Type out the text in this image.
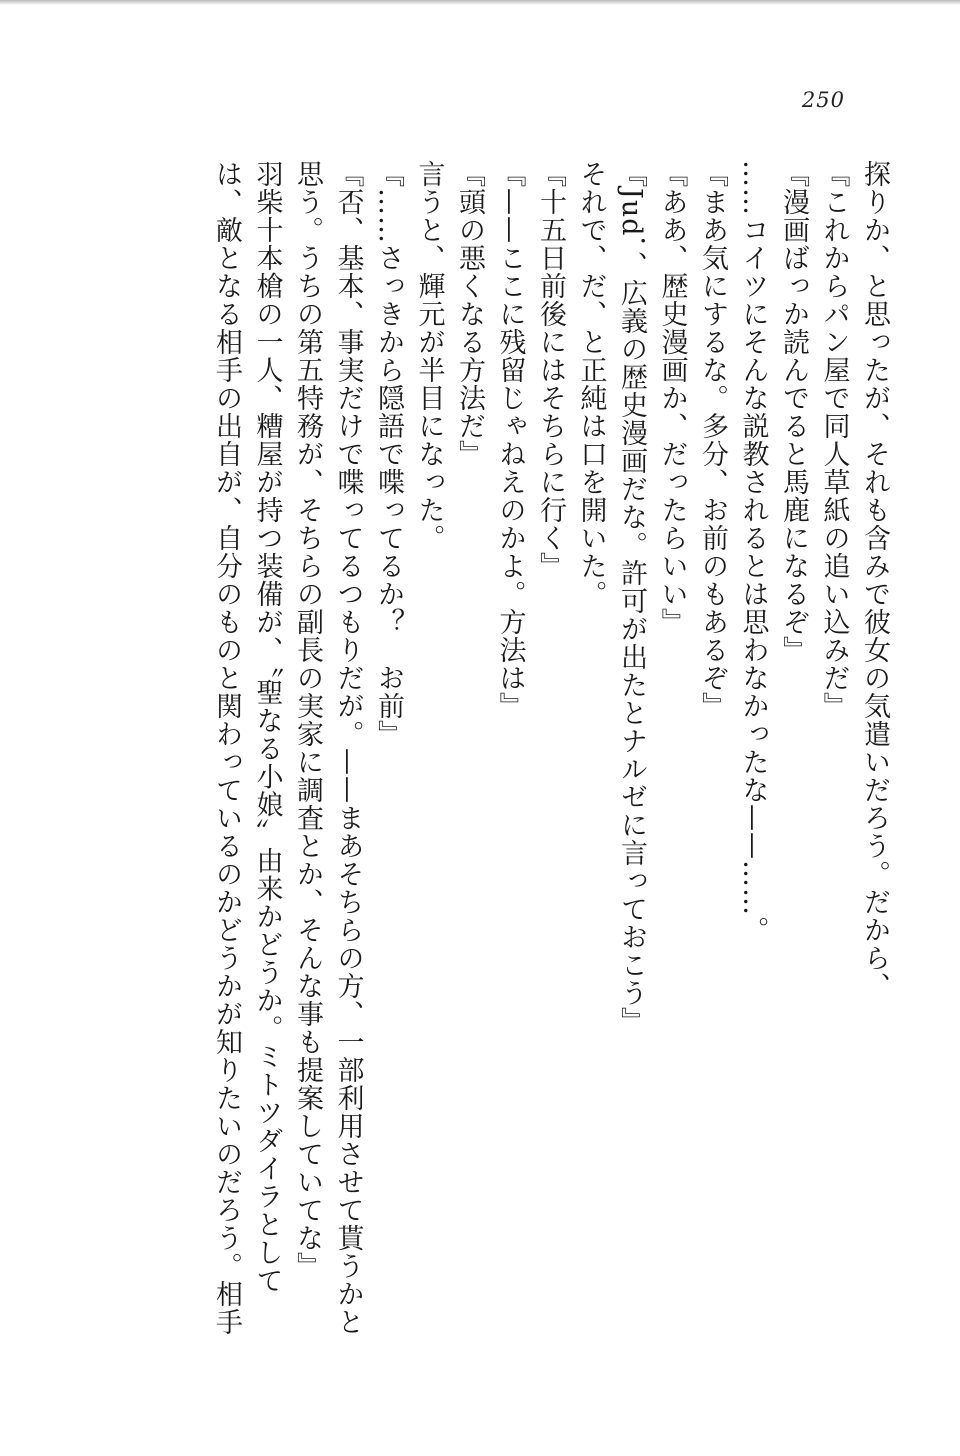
250
探りか、と思ったが、それも含みで彼女の気遣いだろう。だから、
『これからパン屋で同人草紙の追い込みだ』
『漫画ばっか読んでると馬鹿になるぞ』
……コイツにそんな説教されるとは思わなかったな——……。
『まあ気にするな。多分、お前のもあるぞ』
『ああ、歴史漫画か、だったらいい』
『Jud．、広義の歴史漫画だな。許可が出たとナルゼに言っておこう』
それで、だ、と正純は口を開いた。
『十五日前後にはそちらに行く』
『——ここに残留じゃねえのかよ。方法は』
『頭の悪くなる方法だ』
言うと、輝元が半目になった。
『……さっきから隠語で喋ってるか？　お前』
『否、基本、事実だけで喋ってるつもりだが。——まあそちらの方、一部利用させて貰うかと
思う。うちの第五特務が、そちらの副長の実家に調査とか、そんな事も提案していてな』
羽柴十本槍の一人、糟屋が持つ装備が、〝聖なる小娘〟由来かどうか。ミトツダイラとして
は、敵となる相手の出自が、自分のものと関わっているのかどうかが知りたいのだろう。相手
